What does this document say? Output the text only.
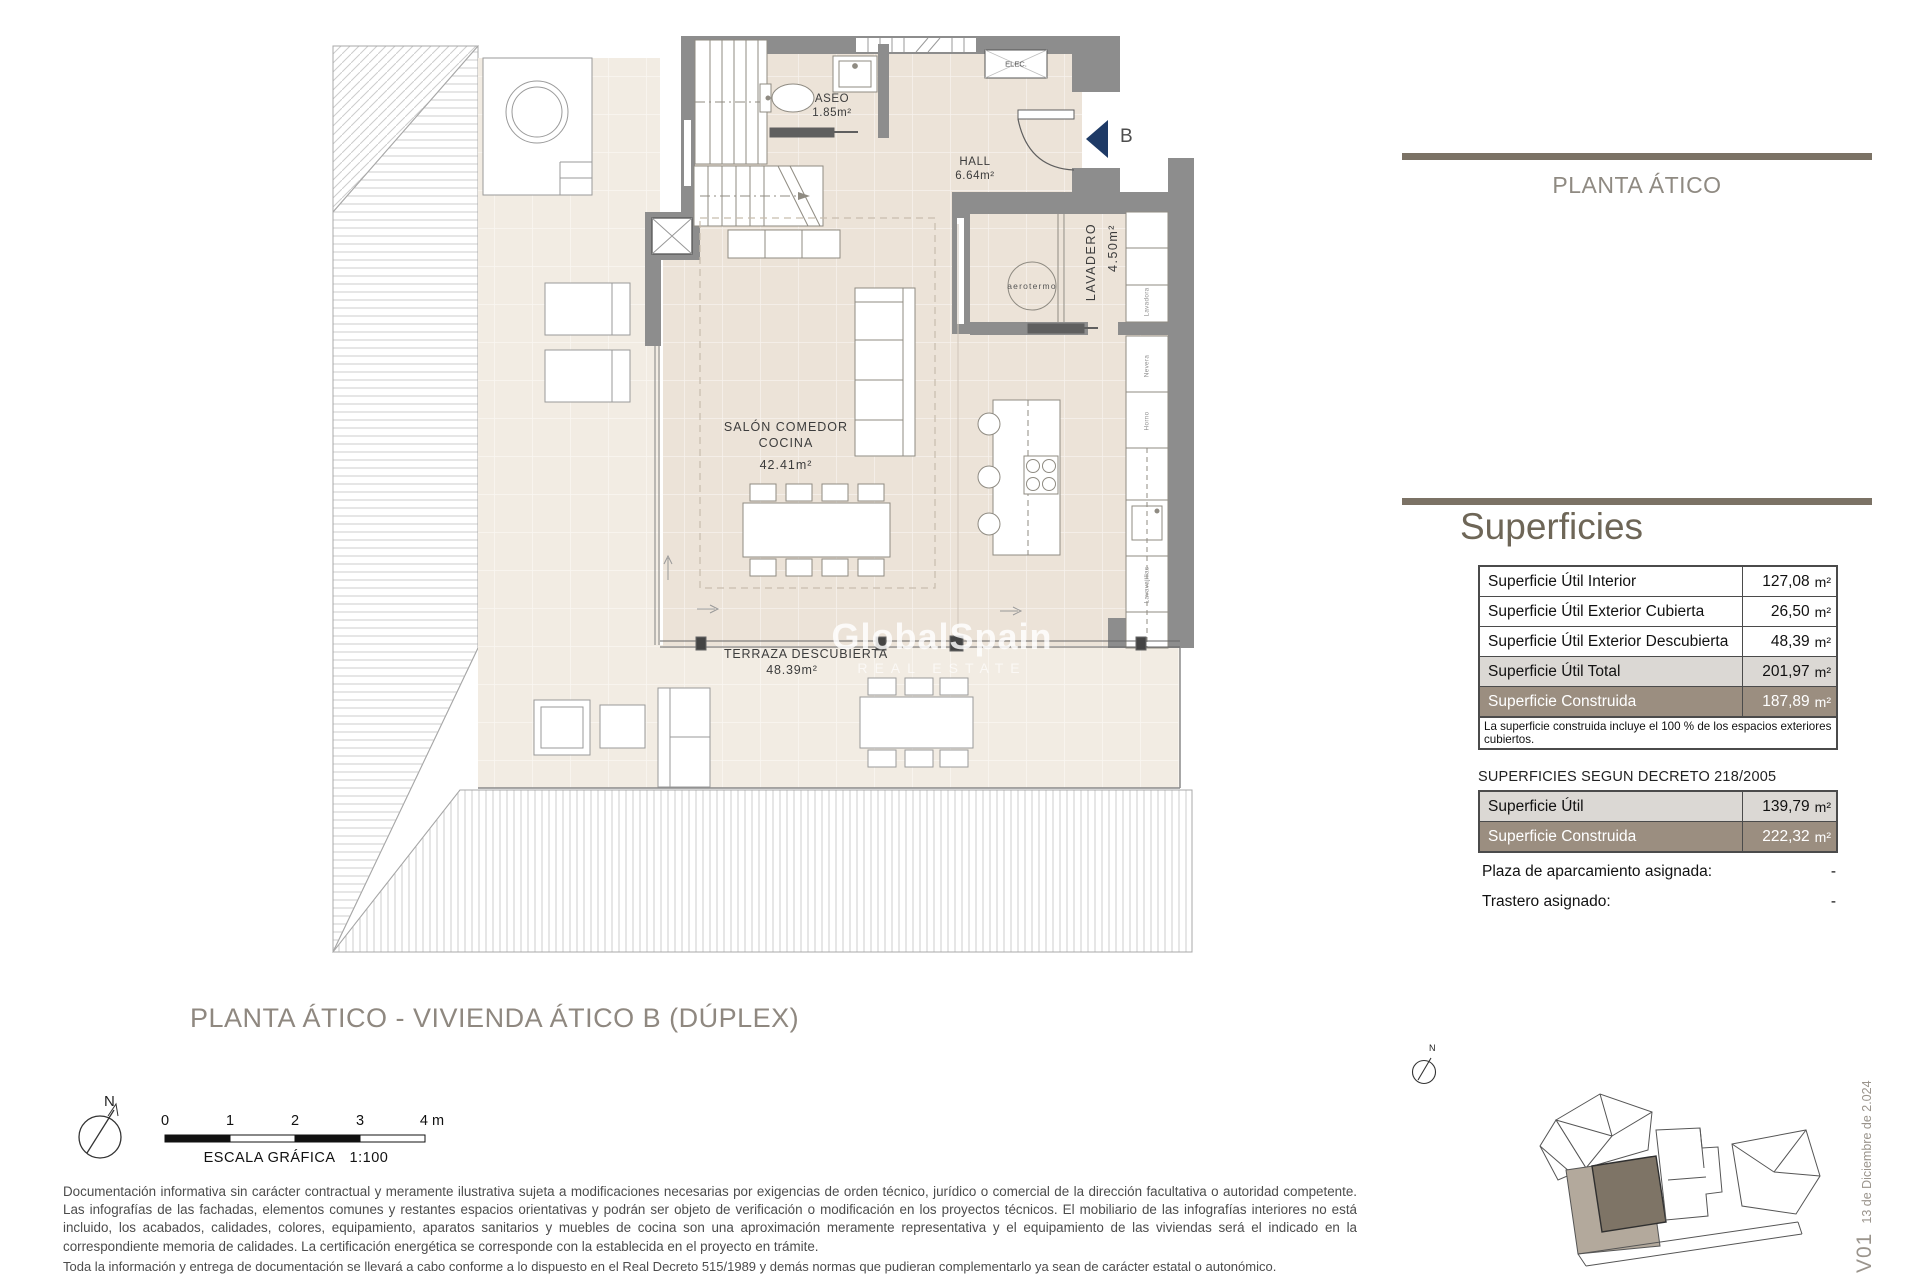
ASEO
1.85m²
HALL
6.64m²
SALÓN COMEDOR
COCINA
42.41m²
TERRAZA DESCUBIERTA
48.39m²
LAVADERO 4.50m²
aerotermo
ELEC.
B
Lavadora
Nevera
Horno
Lavavajillas
GlobalSpain
REAL ESTATE
PLANTA ÁTICO
Superficies
Superficie Útil Interior	127,08 m²
Superficie Útil Exterior Cubierta	26,50 m²
Superficie Útil Exterior Descubierta	48,39 m²
Superficie Útil Total	201,97 m²
Superficie Construida	187,89 m²
La superficie construida incluye el 100 % de los espacios exteriores cubiertos.
SUPERFICIES SEGUN DECRETO 218/2005
Superficie Útil	139,79 m²
Superficie Construida	222,32 m²
Plaza de aparcamiento asignada:	-
Trastero asignado:	-
N
V0113 de Diciembre de 2.024
PLANTA ÁTICO - VIVIENDA ÁTICO B (DÚPLEX)
N
0	1	2	3	4 m
ESCALA GRÁFICA 1:100
Documentación informativa sin carácter contractual y meramente ilustrativa sujeta a modificaciones necesarias por exigencias de orden técnico, jurídico o comercial de la dirección facultativa o autoridad competente. Las infografías de las fachadas, elementos comunes y restantes espacios orientativas y podrán ser objeto de verificación o modificación en los proyectos técnicos. El mobiliario de las infografías interiores no está incluido, los acabados, calidades, colores, equipamiento, aparatos sanitarios y muebles de cocina son una aproximación meramente representativa y el equipamiento de las viviendas será el indicado en la correspondiente memoria de calidades. La certificación energética se corresponde con la establecida en el proyecto en trámite.
Toda la información y entrega de documentación se llevará a cabo conforme a lo dispuesto en el Real Decreto 515/1989 y demás normas que pudieran complementarlo ya sean de carácter estatal o autonómico.
